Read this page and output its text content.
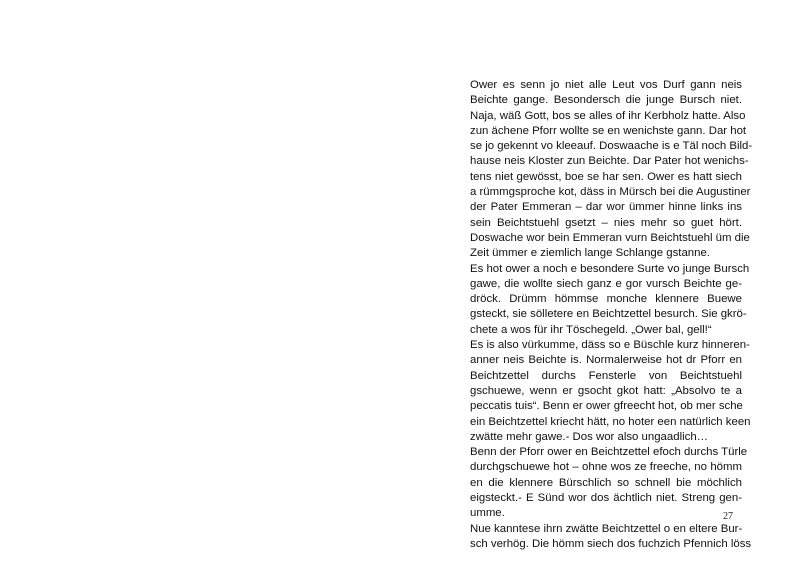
Ower es senn jo niet alle Leut vos Durf gann neis
Beichte gange. Besondersch die junge Bursch niet.
Naja, wäß Gott, bos se alles of ihr Kerbholz hatte. Also
zun ächene Pforr wollte se en wenichste gann. Dar hot
se jo gekennt vo kleeauf. Doswaache is e Täl noch Bild-
hause neis Kloster zun Beichte. Dar Pater hot wenichs-
tens niet gewösst, boe se har sen. Ower es hatt siech
a rümmgsproche kot, däss in Mürsch bei die Augustiner
der Pater Emmeran – dar wor ümmer hinne links ins
sein Beichtstuehl gsetzt – nies mehr so guet hört.
Doswache wor bein Emmeran vurn Beichtstuehl üm die
Zeit ümmer e ziemlich lange Schlange gstanne.
Es hot ower a noch e besondere Surte vo junge Bursch
gawe, die wollte siech ganz e gor vursch Beichte ge-
dröck. Drümm hömmse monche klennere Buewe
gsteckt, sie sölletere en Beichtzettel besurch. Sie gkrö-
chete a wos für ihr Töschegeld. „Ower bal, gell!“
Es is also vürkumme, däss so e Büschle kurz hinneren-
anner neis Beichte is. Normalerweise hot dr Pforr en
Beichtzettel durchs Fensterle von Beichtstuehl
gschuewe, wenn er gsocht gkot hatt: „Absolvo te a
peccatis tuis“. Benn er ower gfreecht hot, ob mer sche
ein Beichtzettel kriecht hätt, no hoter een natürlich keen
zwätte mehr gawe.- Dos wor also ungaadlich…
Benn der Pforr ower en Beichtzettel efoch durchs Türle
durchgschuewe hot – ohne wos ze freeche, no hömm
en die klennere Bürschlich so schnell bie möchlich
eigsteckt.- E Sünd wor dos ächtlich niet. Streng gen-
umme.
Nue kanntese ihrn zwätte Beichtzettel o en eltere Bur-
sch verhög. Die hömm siech dos fuchzich Pfennich löss
27
